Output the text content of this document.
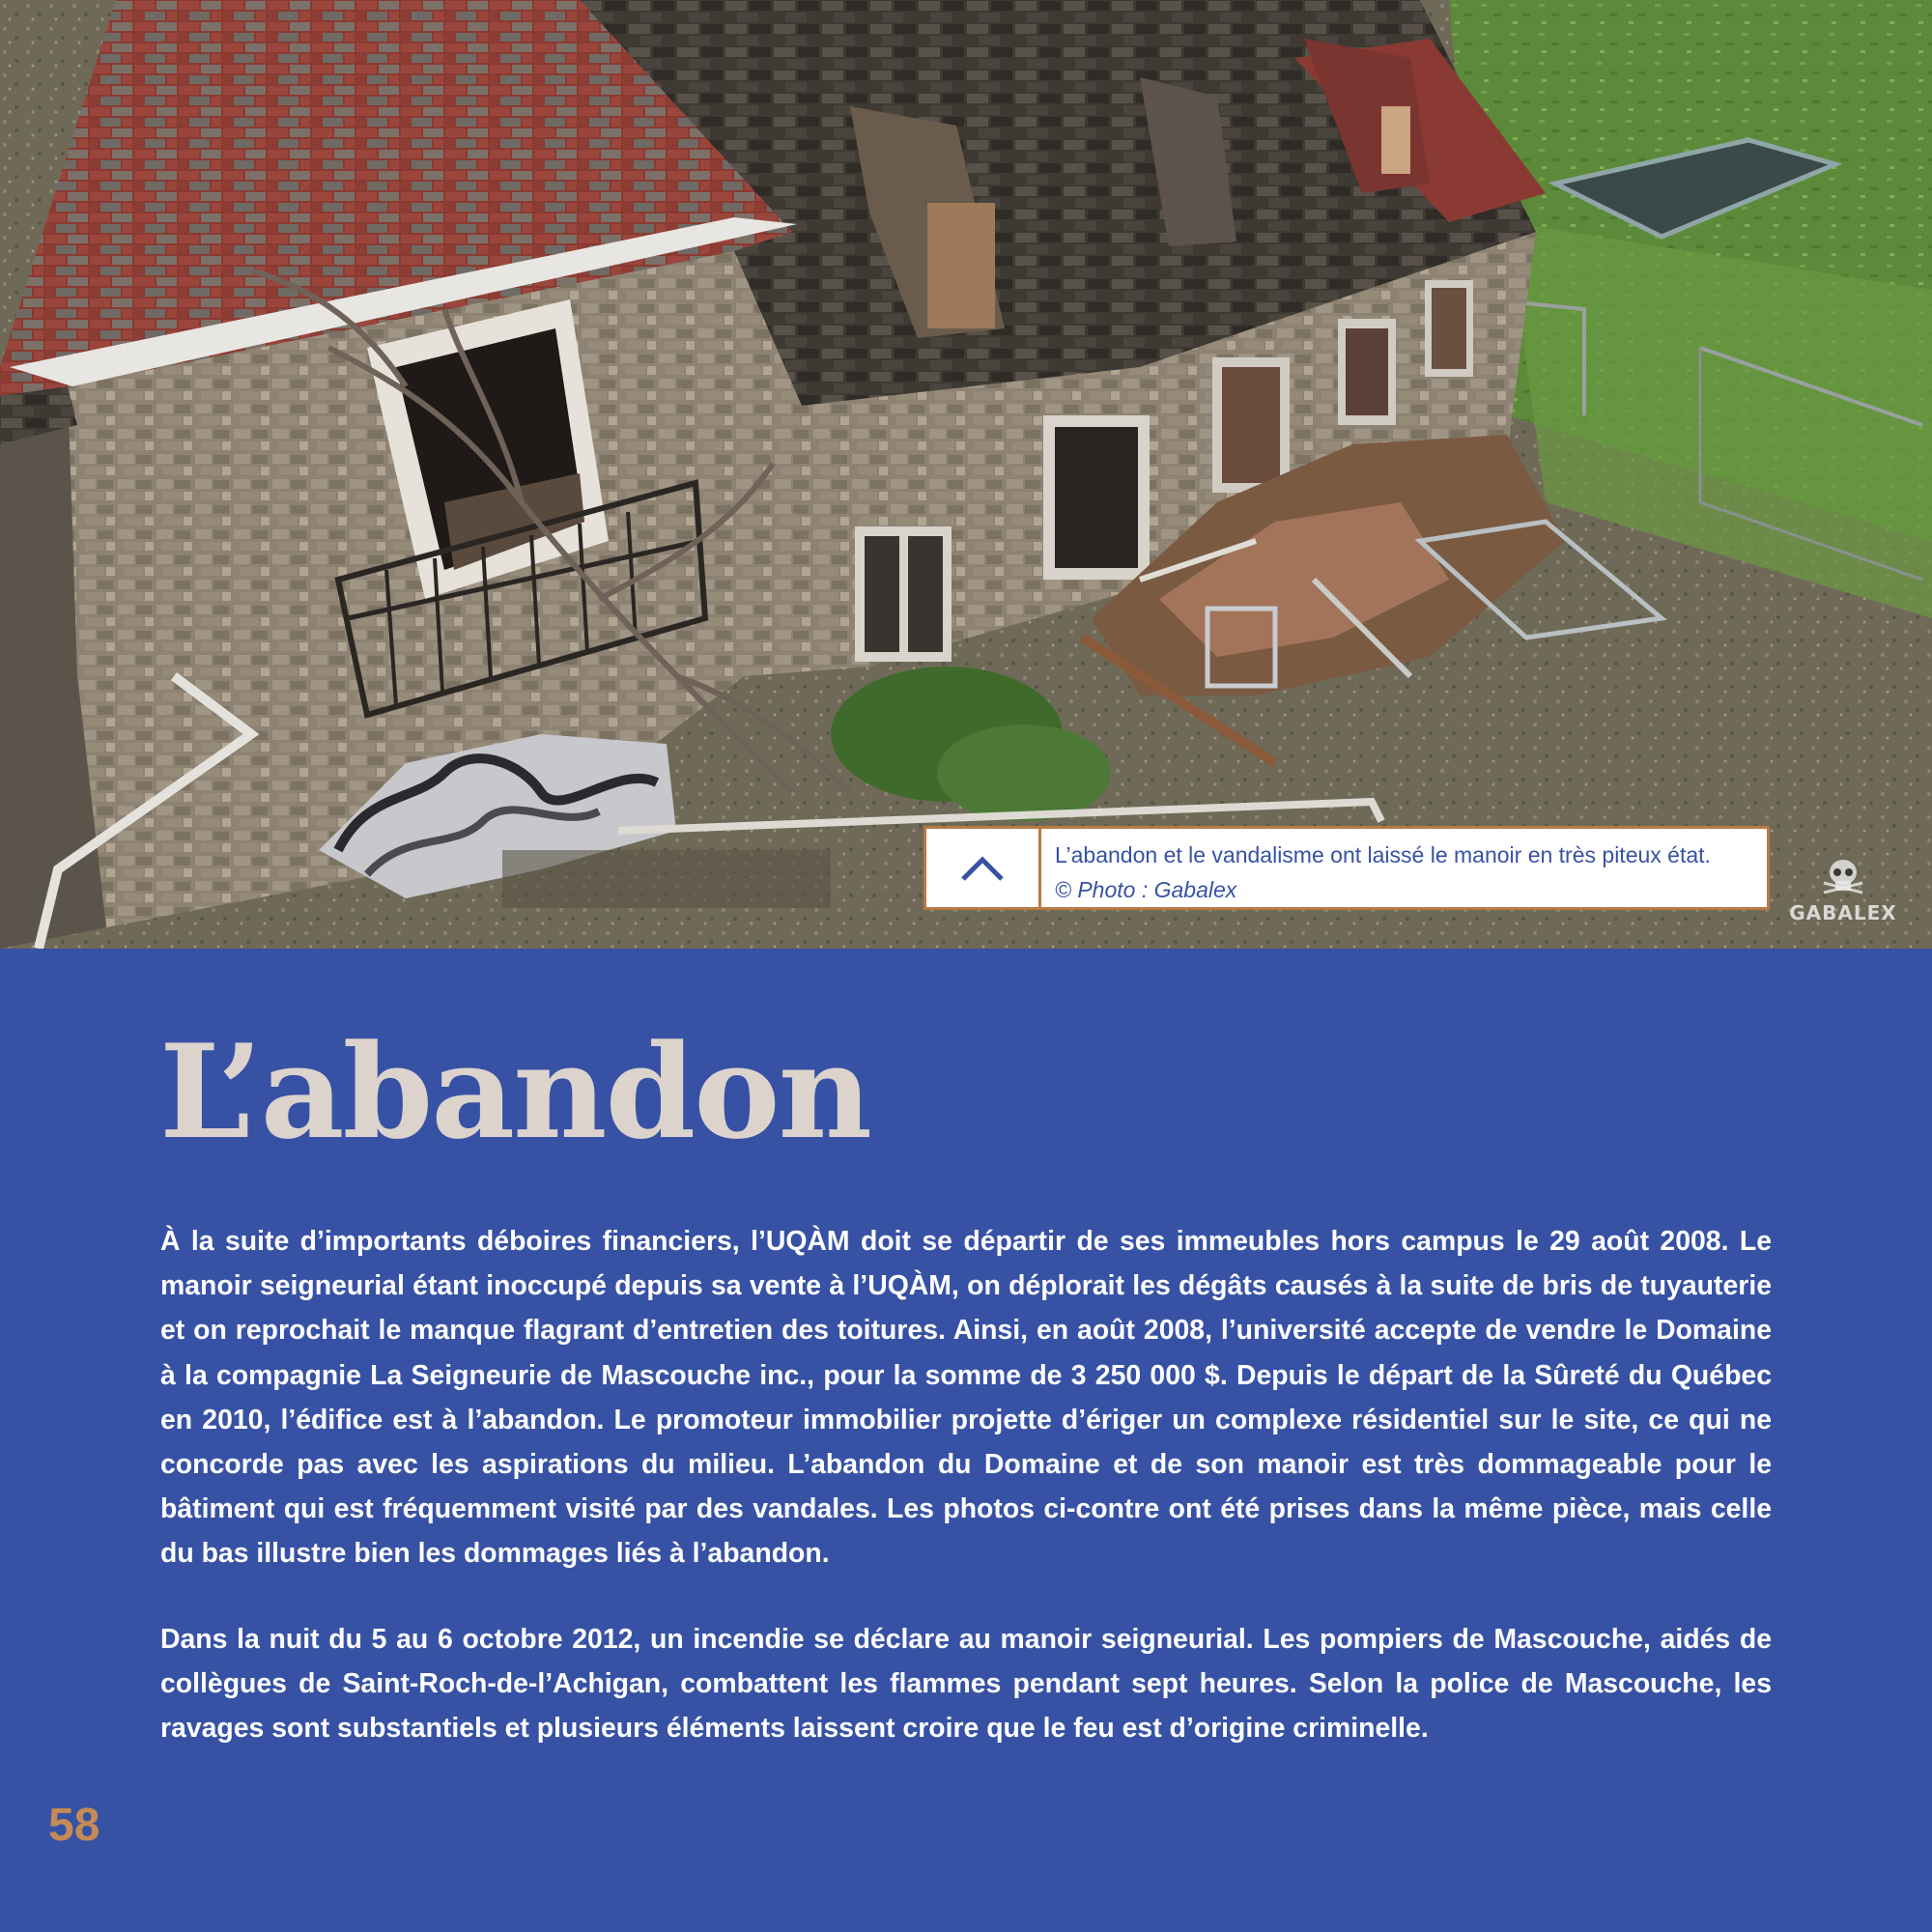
L’abandon et le vandalisme ont laissé le manoir en très piteux état.
© Photo : Gabalex
GABALEX
L’abandon

À la suite d’importants déboires financiers, l’UQÀM doit se départir de ses immeubles hors campus le 29 août 2008. Le manoir seigneurial étant inoccupé depuis sa vente à l’UQÀM, on déplorait les dégâts causés à la suite de bris de tuyauterie et on reprochait le manque flagrant d’entretien des toitures. Ainsi, en août 2008, l’université accepte de vendre le Domaine à la compagnie La Seigneurie de Mascouche inc., pour la somme de 3 250 000 $. Depuis le départ de la Sûreté du Québec en 2010, l’édifice est à l’abandon. Le promoteur immobilier projette d’ériger un complexe résidentiel sur le site, ce qui ne concorde pas avec les aspirations du milieu. L’abandon du Domaine et de son manoir est très dommageable pour le bâtiment qui est fréquemment visité par des vandales. Les photos ci-contre ont été prises dans la même pièce, mais celle du bas illustre bien les dommages liés à l’abandon.

Dans la nuit du 5 au 6 octobre 2012, un incendie se déclare au manoir seigneurial. Les pompiers de Mascouche, aidés de collègues de Saint-Roch-de-l’Achigan, combattent les flammes pendant sept heures. Selon la police de Mascouche, les ravages sont substantiels et plusieurs éléments laissent croire que le feu est d’origine criminelle.

58
